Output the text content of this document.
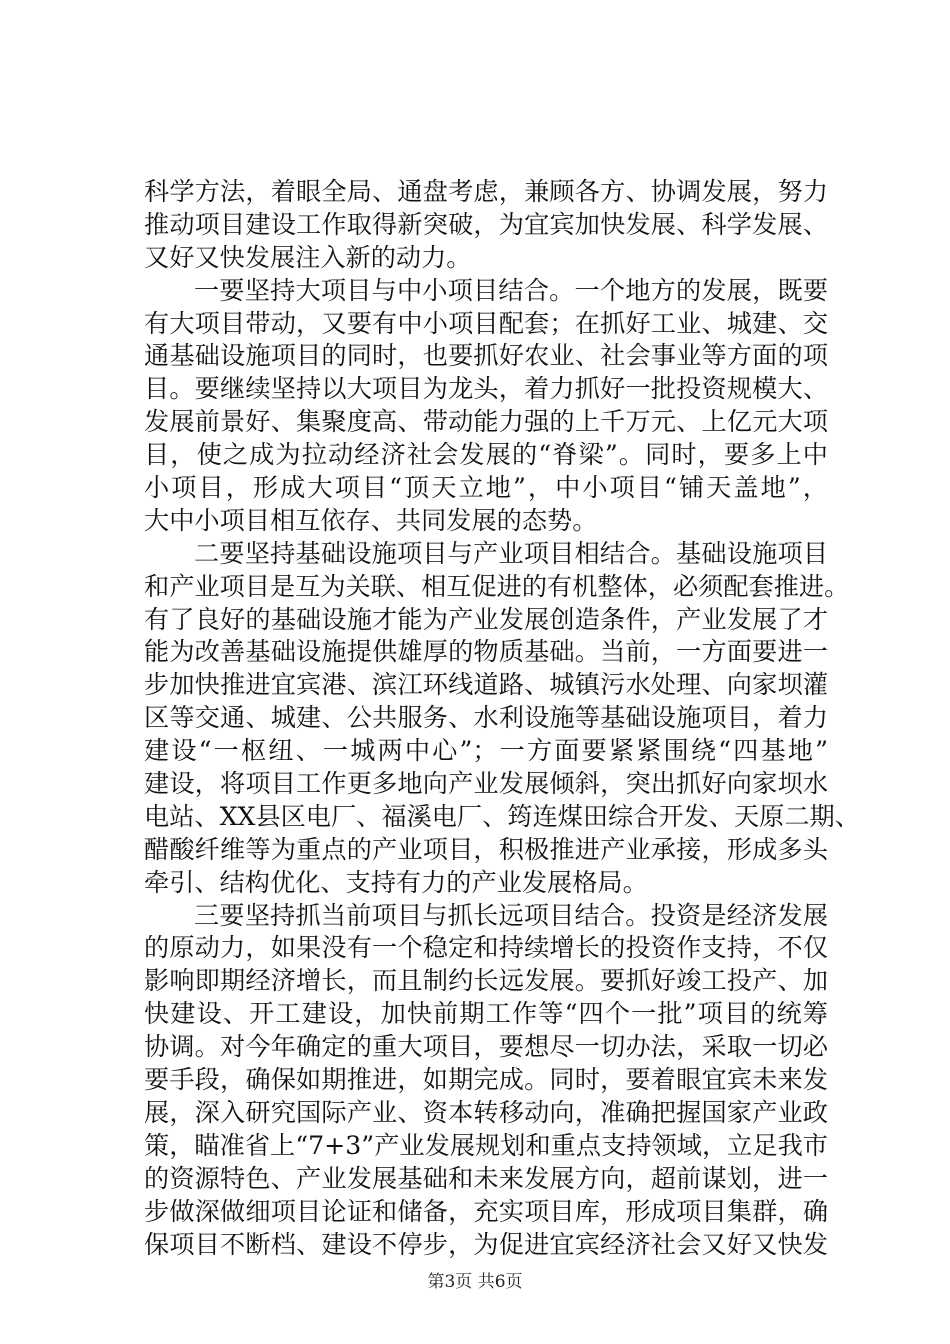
科学方法，着眼全局、通盘考虑，兼顾各方、协调发展，努力
推动项目建设工作取得新突破，为宜宾加快发展、科学发展、
又好又快发展注入新的动力。
一要坚持大项目与中小项目结合。一个地方的发展，既要
有大项目带动，又要有中小项目配套；在抓好工业、城建、交
通基础设施项目的同时，也要抓好农业、社会事业等方面的项
目。要继续坚持以大项目为龙头，着力抓好一批投资规模大、
发展前景好、集聚度高、带动能力强的上千万元、上亿元大项
目，使之成为拉动经济社会发展的“脊梁”。同时，要多上中
小项目，形成大项目“顶天立地”，中小项目“铺天盖地”，
大中小项目相互依存、共同发展的态势。
二要坚持基础设施项目与产业项目相结合。基础设施项目
和产业项目是互为关联、相互促进的有机整体，必须配套推进。
有了良好的基础设施才能为产业发展创造条件，产业发展了才
能为改善基础设施提供雄厚的物质基础。当前，一方面要进一
步加快推进宜宾港、滨江环线道路、城镇污水处理、向家坝灌
区等交通、城建、公共服务、水利设施等基础设施项目，着力
建设“一枢纽、一城两中心”；一方面要紧紧围绕“四基地”
建设，将项目工作更多地向产业发展倾斜，突出抓好向家坝水
电站、XX县区电厂、福溪电厂、筠连煤田综合开发、天原二期、
醋酸纤维等为重点的产业项目，积极推进产业承接，形成多头
牵引、结构优化、支持有力的产业发展格局。
三要坚持抓当前项目与抓长远项目结合。投资是经济发展
的原动力，如果没有一个稳定和持续增长的投资作支持，不仅
影响即期经济增长，而且制约长远发展。要抓好竣工投产、加
快建设、开工建设，加快前期工作等“四个一批”项目的统筹
协调。对今年确定的重大项目，要想尽一切办法，采取一切必
要手段，确保如期推进，如期完成。同时，要着眼宜宾未来发
展，深入研究国际产业、资本转移动向，准确把握国家产业政
策，瞄准省上“7+3”产业发展规划和重点支持领域，立足我市
的资源特色、产业发展基础和未来发展方向，超前谋划，进一
步做深做细项目论证和储备，充实项目库，形成项目集群，确
保项目不断档、建设不停步，为促进宜宾经济社会又好又快发
第3页 共6页
